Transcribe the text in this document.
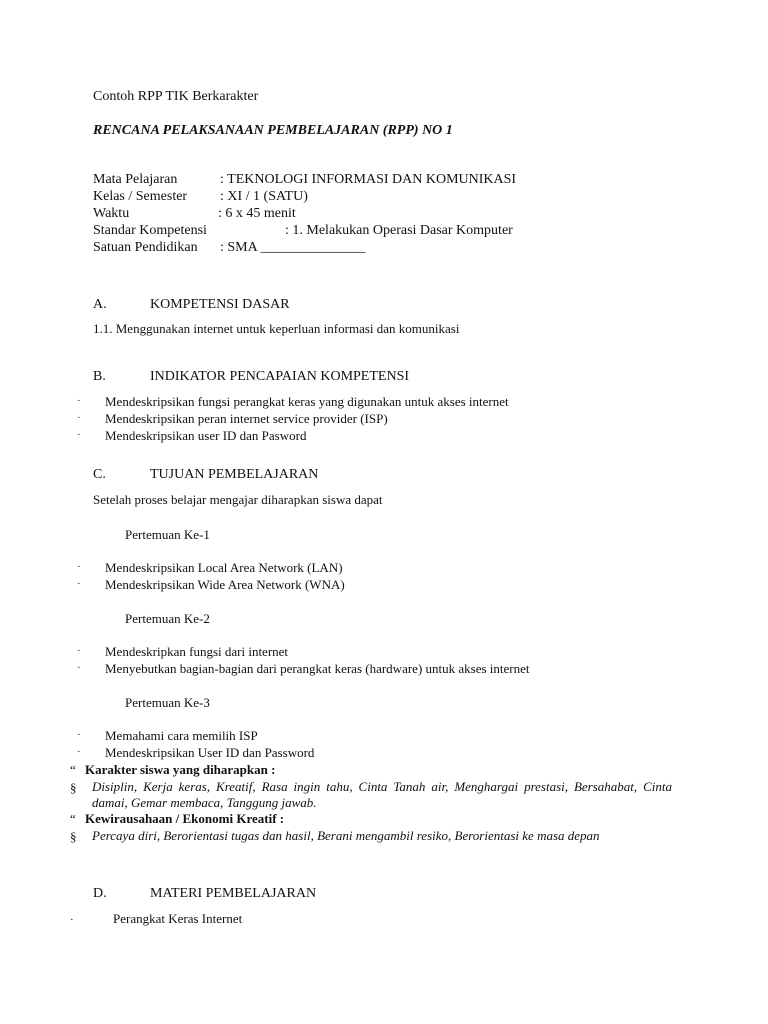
Contoh RPP TIK Berkarakter
RENCANA PELAKSANAAN PEMBELAJARAN (RPP) NO 1
Mata Pelajaran	: TEKNOLOGI INFORMASI DAN KOMUNIKASI
Kelas / Semester : XI / 1 (SATU)
Waktu	: 6 x 45 menit
Standar Kompetensi	: 1. Melakukan Operasi Dasar Komputer
Satuan Pendidikan : SMA _______________
A.	KOMPETENSI DASAR
1.1. Menggunakan internet untuk keperluan informasi dan komunikasi
B.	INDIKATOR PENCAPAIAN KOMPETENSI
· Mendeskripsikan fungsi perangkat keras yang digunakan untuk akses internet
· Mendeskripsikan peran internet service provider (ISP)
· Mendeskripsikan user ID dan Pasword
C.	TUJUAN PEMBELAJARAN
Setelah proses belajar mengajar diharapkan siswa dapat
Pertemuan Ke-1
· Mendeskripsikan Local Area Network (LAN)
· Mendeskripsikan Wide Area Network (WNA)
Pertemuan Ke-2
· Mendeskripkan fungsi dari internet
· Menyebutkan bagian-bagian dari perangkat keras (hardware) untuk akses internet
Pertemuan Ke-3
· Memahami cara memilih ISP
· Mendeskripsikan User ID dan Password
“ Karakter siswa yang diharapkan :
§ Disiplin, Kerja keras, Kreatif, Rasa ingin tahu, Cinta Tanah air, Menghargai prestasi, Bersahabat, Cinta damai, Gemar membaca, Tanggung jawab.
“ Kewirausahaan / Ekonomi Kreatif :
§ Percaya diri, Berorientasi tugas dan hasil, Berani mengambil resiko, Berorientasi ke masa depan
D.	MATERI PEMBELAJARAN
·	Perangkat Keras Internet
